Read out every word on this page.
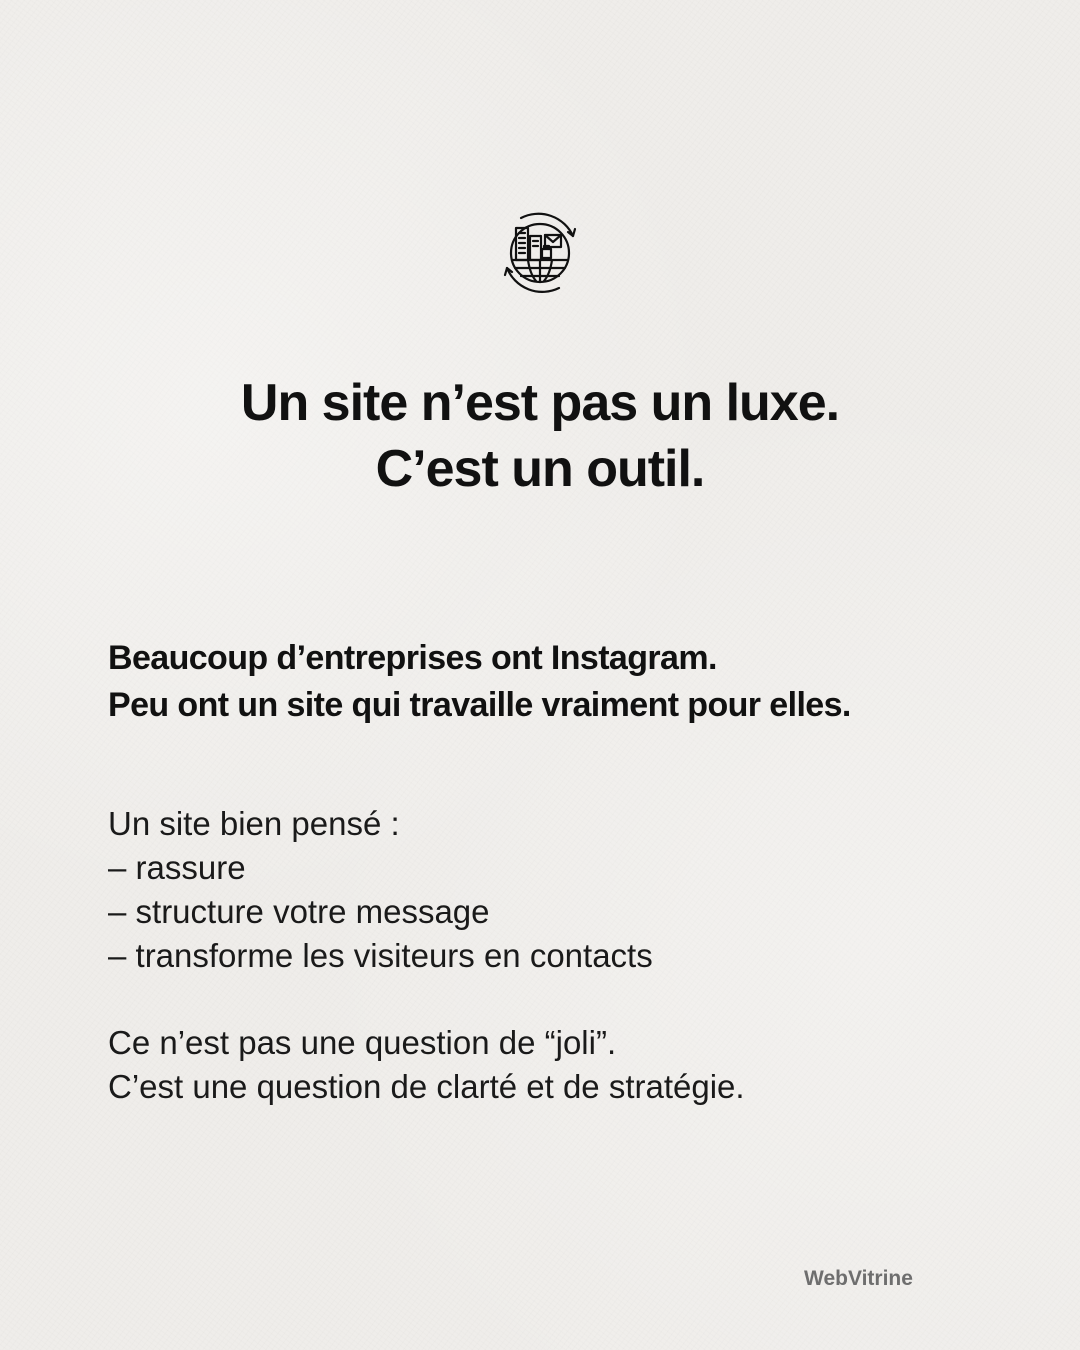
Un site n’est pas un luxe.
C’est un outil.
Beaucoup d’entreprises ont Instagram.
Peu ont un site qui travaille vraiment pour elles.
Un site bien pensé :
– rassure
– structure votre message
– transforme les visiteurs en contacts
Ce n’est pas une question de “joli”.
C’est une question de clarté et de stratégie.
WebVitrine
